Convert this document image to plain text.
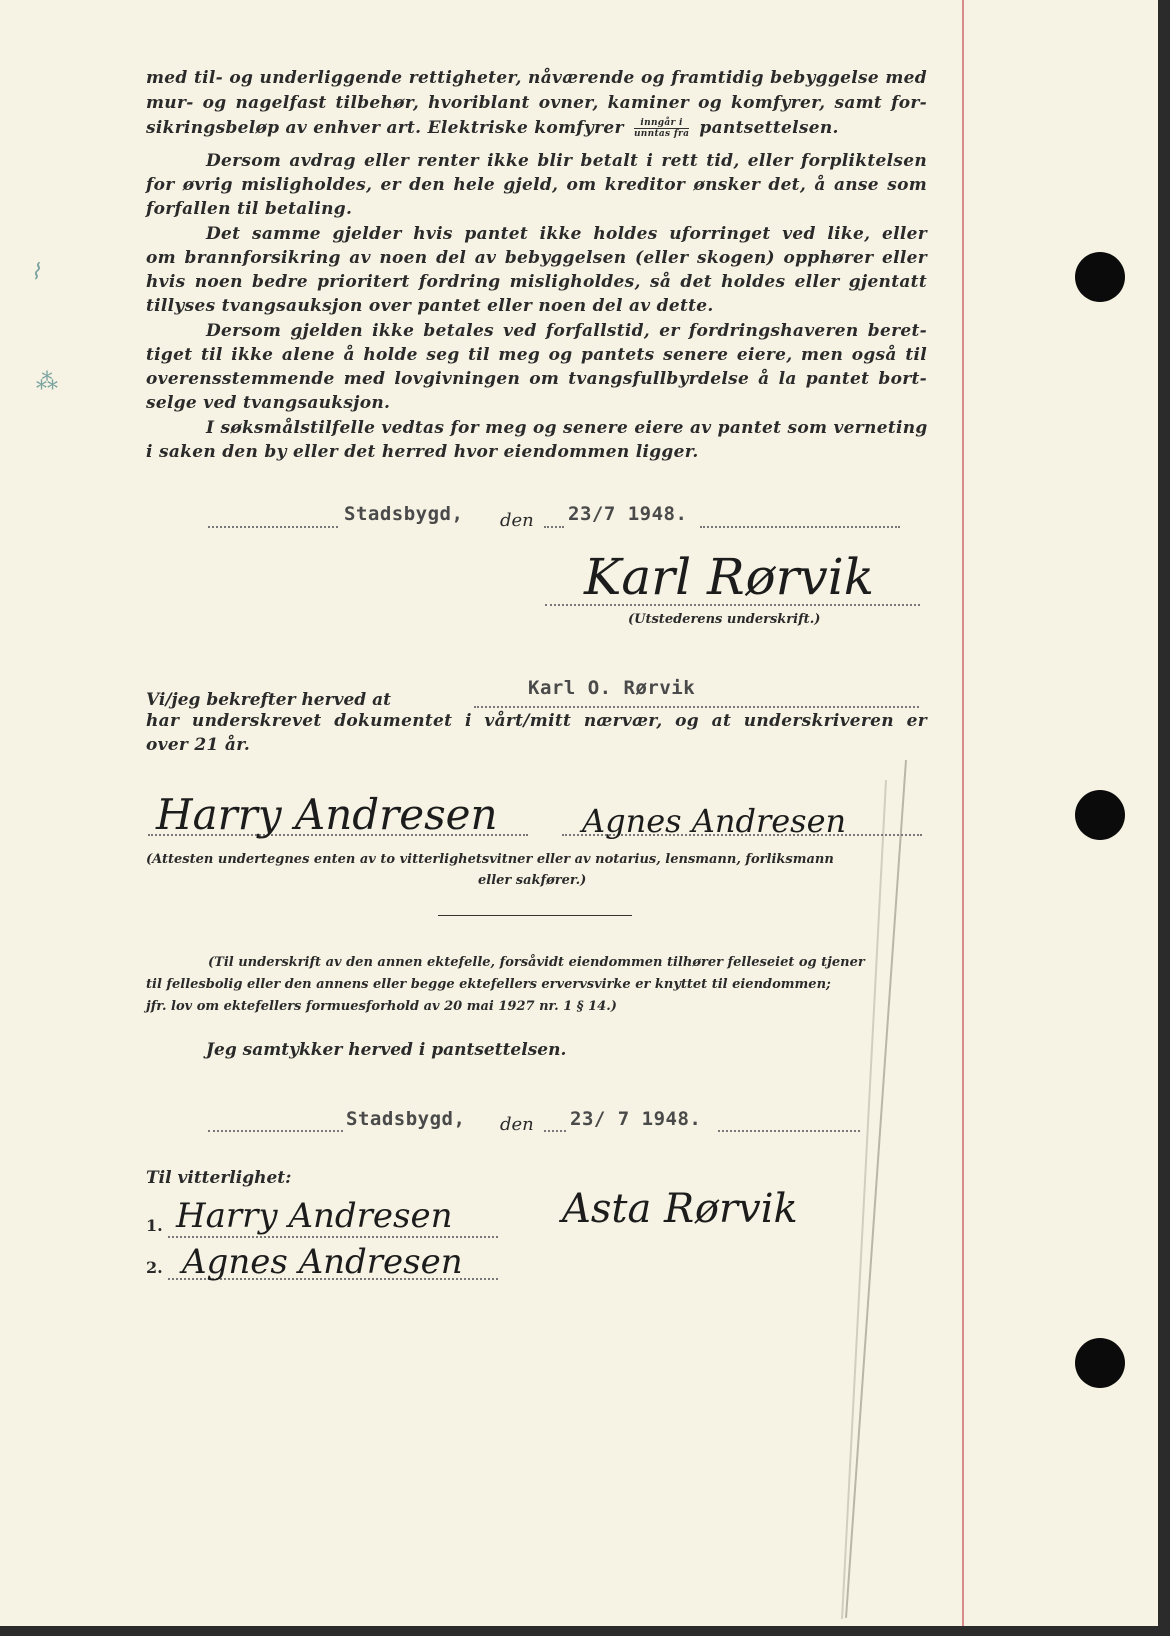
⌇
⁂
med til- og underliggende rettigheter, nåværende og framtidig bebyggelse med
mur- og nagelfast tilbehør, hvoriblant ovner, kaminer og komfyrer, samt for-
sikringsbeløp av enhver art. Elektriske komfyrer $\frac{\text{inngår i}}{\text{unntas fra}}$ pantsettelsen.
Dersom avdrag eller renter ikke blir betalt i rett tid, eller forpliktelsen
for øvrig misligholdes, er den hele gjeld, om kreditor ønsker det, å anse som
forfallen til betaling.
Det samme gjelder hvis pantet ikke holdes uforringet ved like, eller
om brannforsikring av noen del av bebyggelsen (eller skogen) opphører eller
hvis noen bedre prioritert fordring misligholdes, så det holdes eller gjentatt
tillyses tvangsauksjon over pantet eller noen del av dette.
Dersom gjelden ikke betales ved forfallstid, er fordringshaveren beret-
tiget til ikke alene å holde seg til meg og pantets senere eiere, men også til
overensstemmende med lovgivningen om tvangsfullbyrdelse å la pantet bort-
selge ved tvangsauksjon.
I søksmålstilfelle vedtas for meg og senere eiere av pantet som verneting
i saken den by eller det herred hvor eiendommen ligger.
Stadsbygd, den 23/7 1948.
Karl Rørvik
(Utstederens underskrift.)
Vi/jeg bekrefter herved at
Karl O. Rørvik
har underskrevet dokumentet i vårt/mitt nærvær, og at underskriveren er
over 21 år.
Harry Andresen	Agnes Andresen
(Attesten undertegnes enten av to vitterlighetsvitner eller av notarius, lensmann, forliksmann
eller sakfører.)
(Til underskrift av den annen ektefelle, forsåvidt eiendommen tilhører felleseiet og tjener
til fellesbolig eller den annens eller begge ektefellers ervervsvirke er knyttet til eiendommen;
jfr. lov om ektefellers formuesforhold av 20 mai 1927 nr. 1 § 14.)
Jeg samtykker herved i pantsettelsen.
Stadsbygd, den 23/ 7 1948.
Til vitterlighet:
1. Harry Andresen	Asta Rørvik
2. Agnes Andresen
